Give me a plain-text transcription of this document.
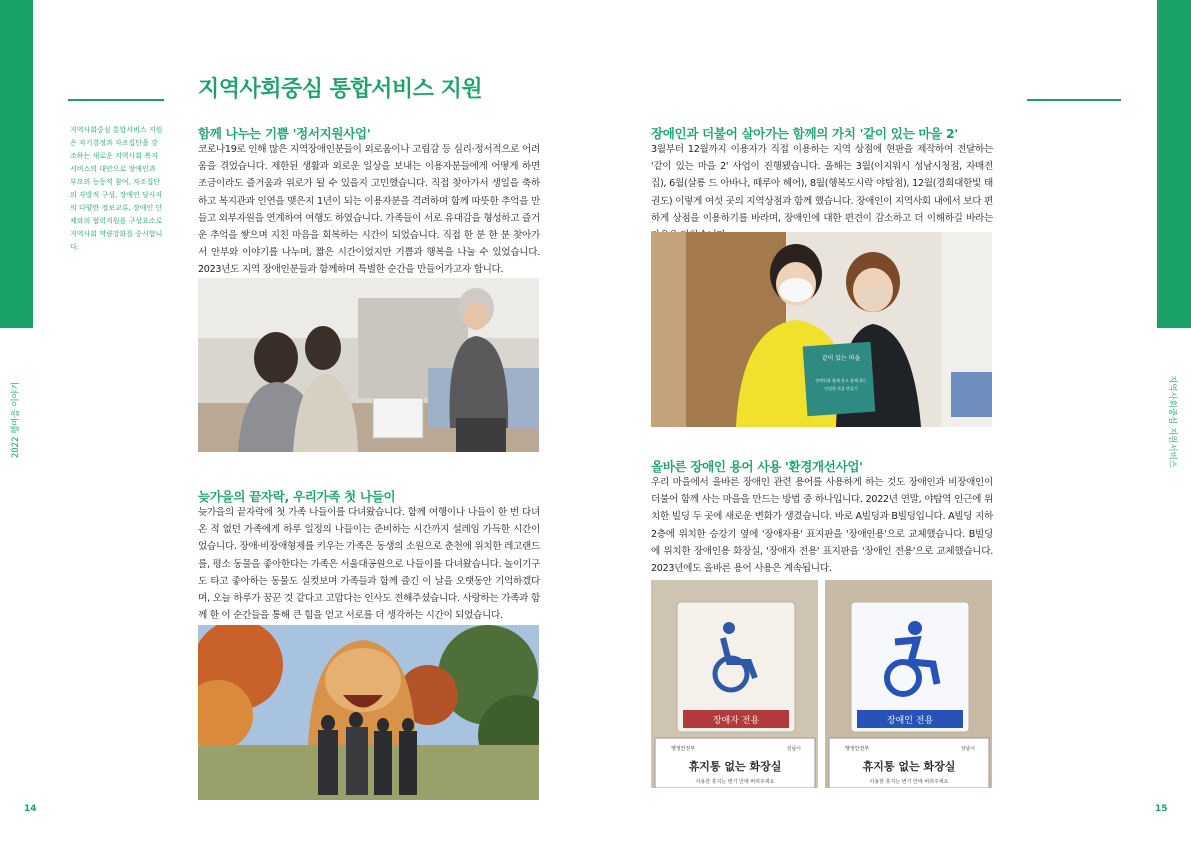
2022 행마을 이야기	지역사회중심 지원서비스
14	15
지역사회중심 통합서비스 지원
지역사회중심 통합서비스 지원은 자기결정과 자조집단을 강조하는 새로운 지역사회 복지서비스의 대안으로 장애인과 부모의 능동적 참여, 자조집단의 자발적 구성, 장애인 당사자의 다양한 정보교류, 장애인 단체와의 협력지원을 구성요소로 지역사회 역량강화를 중시합니다.
함께 나누는 기쁨 '정서지원사업'
코로나19로 인해 많은 지역장애인분들이 외로움이나 고립감 등 심리·정서적으로 어려움을 겪었습니다. 제한된 생활과 외로운 일상을 보내는 이용자분들에게 어떻게 하면 조금이라도 즐거움과 위로가 될 수 있을지 고민했습니다. 직접 찾아가서 생일을 축하하고 복지관과 인연을 맺은지 1년이 되는 이용자분을 격려하며 함께 따뜻한 추억을 만들고 외부자원을 연계하여 여행도 하였습니다. 가족들이 서로 유대감을 형성하고 즐거운 추억을 쌓으며 지친 마음을 회복하는 시간이 되었습니다. 직접 한 분 한 분 찾아가서 안부와 이야기를 나누며, 짧은 시간이었지만 기쁨과 행복을 나눌 수 있었습니다. 2023년도 지역 장애인분들과 함께하며 특별한 순간을 만들어가고자 합니다.
늦가을의 끝자락, 우리가족 첫 나들이
늦가을의 끝자락에 첫 가족 나들이를 다녀왔습니다. 함께 여행이나 나들이 한 번 다녀온 적 없던 가족에게 하루 일정의 나들이는 준비하는 시간까지 설레임 가득한 시간이었습니다. 장애·비장애형제를 키우는 가족은 동생의 소원으로 춘천에 위치한 레고랜드를, 평소 동물을 좋아한다는 가족은 서울대공원으로 나들이를 다녀왔습니다. 놀이기구도 타고 좋아하는 동물도 실컷보며 가족들과 함께 즐긴 이 날을 오랫동안 기억하겠다며, 오늘 하루가 꿈꾼 것 같다고 고맙다는 인사도 전해주셨습니다. 사랑하는 가족과 함께 한 이 순간들을 통해 큰 힘을 얻고 서로를 더 생각하는 시간이 되었습니다.
장애인과 더불어 살아가는 함께의 가치 '같이 있는 마을 2'
3월부터 12월까지 이용자가 직접 이용하는 지역 상점에 현판을 제작하여 전달하는 '같이 있는 마을 2' 사업이 진행됐습니다. 올해는 3월(이지워시 성남시청점, 자매전집), 6월(살롱 드 아바나, 떼루아 헤어), 8월(행복도시락 야탑점), 12월(경희대한빛 태권도) 이렇게 여섯 곳의 지역상점과 함께 했습니다. 장애인이 지역사회 내에서 보다 편하게 상점을 이용하기를 바라며, 장애인에 대한 편견이 감소하고 더 이해하길 바라는
같이 있는 마을
장애인과 함께 웃고 함께 하는
안녕한 마을 만들기
올바른 장애인 용어 사용 '환경개선사업'
우리 마을에서 올바른 장애인 관련 용어를 사용하게 하는 것도 장애인과 비장애인이 더불어 함께 사는 마을을 만드는 방법 중 하나입니다. 2022년 연말, 야탑역 인근에 위치한 빌딩 두 곳에 새로운 변화가 생겼습니다. 바로 A빌딩과 B빌딩입니다. A빌딩 지하 2층에 위치한 승강기 옆에 '장애자용' 표지판을 '장애인용'으로 교체했습니다. B빌딩에 위치한 장애인용 화장실, '장애자 전용' 표지판을 '장애인 전용'으로 교체했습니다. 2023년에도 올바른 용어 사용은 계속됩니다.
장애자 전용
행정안전부	성남시
휴지통 없는 화장실
사용한 휴지는 변기 안에 버려주세요
장애인 전용
행정안전부	성남시
휴지통 없는 화장실
사용한 휴지는 변기 안에 버려주세요
